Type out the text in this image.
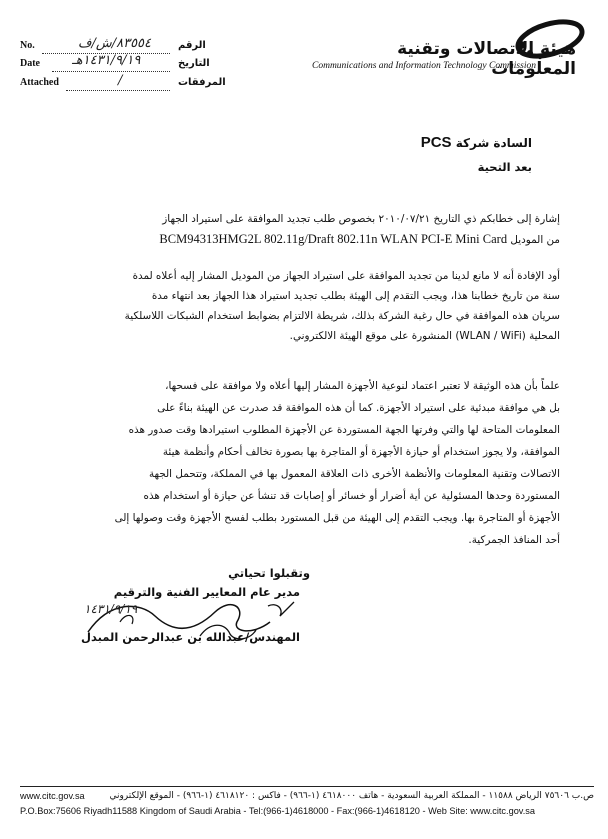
No.	٨٣٥٥٤/ش/ف	الرقم
Date ١٤٣١/٩/١٩هـ	التاريخ
Attached	/	المرفقات
هيئة الاتصالات وتقنية المعلومات
Communications and Information Technology Commission
السادة شركة PCS
بعد التحية
إشارة إلى خطابكم ذي التاريخ ٢٠١٠/٠٧/٢١ بخصوص طلب تجديد الموافقة على استيراد الجهاز
من الموديل BCM94313HMG2L 802.11g/Draft 802.11n WLAN PCI-E Mini Card
أود الإفادة أنه لا مانع لدينا من تجديد الموافقة على استيراد الجهاز من الموديل المشار إليه أعلاه لمدة
سنة من تاريخ خطابنا هذا، ويجب التقدم إلى الهيئة بطلب تجديد استيراد هذا الجهاز بعد انتهاء مدة
سريان هذه الموافقة في حال رغبة الشركة بذلك، شريطة الالتزام بضوابط استخدام الشبكات اللاسلكية
المحلية (WLAN / WiFi) المنشورة على موقع الهيئة الالكتروني.
علماً بأن هذه الوثيقة لا تعتبر اعتماد لنوعية الأجهزة المشار إليها أعلاه ولا موافقة على فسحها،
بل هي موافقة مبدئية على استيراد الأجهزة. كما أن هذه الموافقة قد صدرت عن الهيئة بناءً على
المعلومات المتاحة لها والتي وفرتها الجهة المستوردة عن الأجهزة المطلوب استيرادها وقت صدور هذه
الموافقة، ولا يجوز استخدام أو حيازة الأجهزة أو المتاجرة بها بصورة تخالف أحكام وأنظمة هيئة
الاتصالات وتقنية المعلومات والأنظمة الأخرى ذات العلاقة المعمول بها في المملكة، وتتحمل الجهة
المستوردة وحدها المسئولية عن أية أضرار أو خسائر أو إصابات قد تنشأ عن حيازة أو استخدام هذه
الأجهزة أو المتاجرة بها. ويجب التقدم إلى الهيئة من قبل المستورد بطلب لفسح الأجهزة وقت وصولها إلى
أحد المنافذ الجمركية.
وتقبلوا تحياتي
مدير عام المعايير الفنية والترقيم
١٤٣١/٩/١٩
المهندس/عبدالله بن عبدالرحمن المبدل
www.citc.gov.sa	ص.ب ٧٥٦٠٦ الرياض ١١٥٨٨ - المملكة العربية السعودية - هاتف ٤٦١٨٠٠٠ (١-٩٦٦) - فاكس : ٤٦١٨١٢٠ (١-٩٦٦) - الموقع الإلكتروني
P.O.Box:75606 Riyadh11588 Kingdom of Saudi Arabia - Tel:(966-1)4618000 - Fax:(966-1)4618120 - Web Site: www.citc.gov.sa
